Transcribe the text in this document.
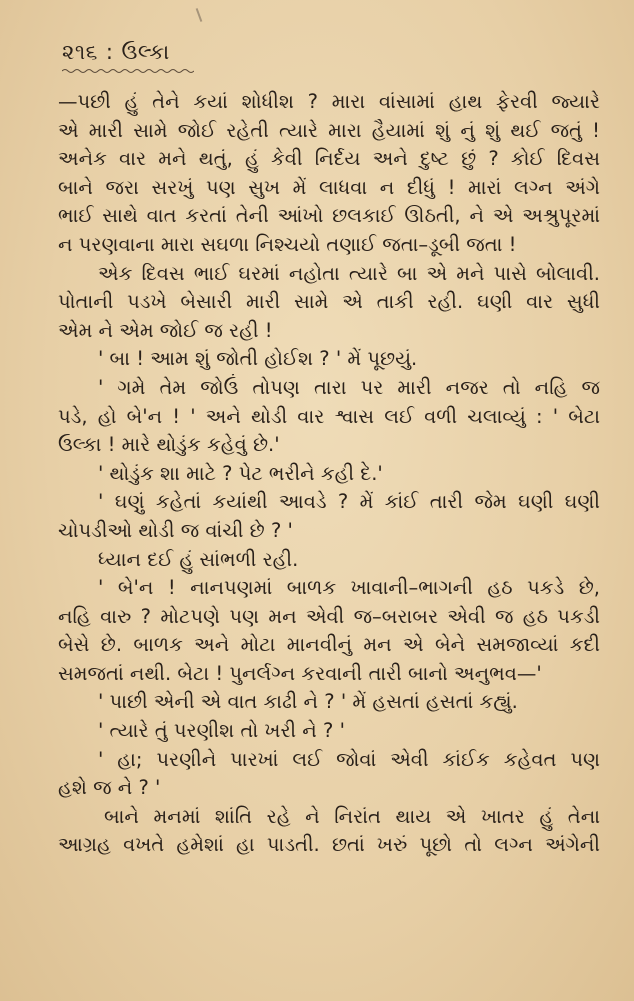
૨૧૬ : ઉલ્કા
—પછી હું તેને કયાં શોધીશ ? મારા વાંસામાં હાથ ફેરવી જ્યારે
એ મારી સામે જોઈ રહેતી ત્યારે મારા હૈયામાં શું નું શું થઈ જતું !
અનેક વાર મને થતું, હું કેવી નિર્દય અને દુષ્ટ છું ? કોઈ દિવસ
બાને જરા સરખું પણ સુખ મેં લાધવા ન દીધું ! મારાં લગ્ન અંગે
ભાઈ સાથે વાત કરતાં તેની આંખો છલકાઈ ઊઠતી, ને એ અશ્રુપૂરમાં
ન પરણવાના મારા સઘળા નિશ્ચયો તણાઈ જતા–ડૂબી જતા !
એક દિવસ ભાઈ ઘરમાં નહોતા ત્યારે બા એ મને પાસે બોલાવી.
પોતાની પડખે બેસારી મારી સામે એ તાકી રહી. ઘણી વાર સુધી
એમ ને એમ જોઈ જ રહી !
' બા ! આમ શું જોતી હોઈશ ? ' મેં પૂછયું.
' ગમે તેમ જોઉં તોપણ તારા પર મારી નજર તો નહિ જ
પડે, હો બે'ન ! ' અને થોડી વાર શ્વાસ લઈ વળી ચલાવ્યું : ' બેટા
ઉલ્કા ! મારે થોડુંક કહેવું છે.'
' થોડુંક શા માટે ? પેટ ભરીને કહી દે.'
' ઘણું કહેતાં કયાંથી આવડે ? મેં કાંઈ તારી જેમ ઘણી ઘણી
ચોપડીઓ થોડી જ વાંચી છે ? '
ધ્યાન દઈ હું સાંભળી રહી.
' બે'ન ! નાનપણમાં બાળક ખાવાની–ભાગની હઠ પકડે છે,
નહિ વારુ ? મોટપણે પણ મન એવી જ–બરાબર એવી જ હઠ પકડી
બેસે છે. બાળક અને મોટા માનવીનું મન એ બેને સમજાવ્યાં કદી
સમજતાં નથી. બેટા ! પુનર્લગ્ન કરવાની તારી બાનો અનુભવ—'
' પાછી એની એ વાત કાઢી ને ? ' મેં હસતાં હસતાં કહ્યું.
' ત્યારે તું પરણીશ તો ખરી ને ? '
' હા; પરણીને પારખાં લઈ જોવાં એવી કાંઈક કહેવત પણ
હશે જ ને ? '
બાને મનમાં શાંતિ રહે ને નિરાંત થાય એ ખાતર હું તેના
આગ્રહ વખતે હમેશાં હા પાડતી. છતાં ખરું પૂછો તો લગ્ન અંગેની
